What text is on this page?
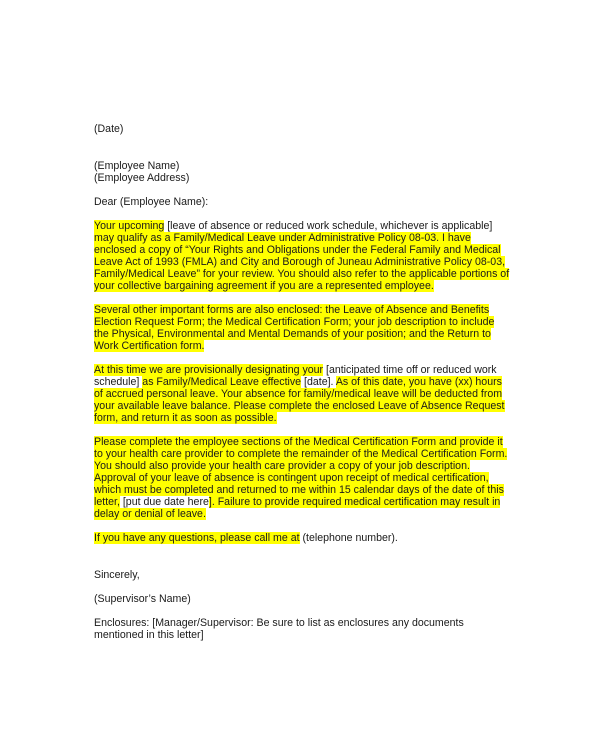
(Date)

(Employee Name)

(Employee Address)

Dear (Employee Name):

Your upcoming [leave of absence or reduced work schedule, whichever is applicable] may qualify as a Family/Medical Leave under Administrative Policy 08-03. I have enclosed a copy of “Your Rights and Obligations under the Federal Family and Medical Leave Act of 1993 (FMLA) and City and Borough of Juneau Administrative Policy 08-03, Family/Medical Leave” for your review. You should also refer to the applicable portions of your collective bargaining agreement if you are a represented employee.

Several other important forms are also enclosed: the Leave of Absence and Benefits Election Request Form; the Medical Certification Form; your job description to include the Physical, Environmental and Mental Demands of your position; and the Return to Work Certification form.

At this time we are provisionally designating your [anticipated time off or reduced work schedule] as Family/Medical Leave effective [date]. As of this date, you have (xx) hours of accrued personal leave. Your absence for family/medical leave will be deducted from your available leave balance. Please complete the enclosed Leave of Absence Request form, and return it as soon as possible.

Please complete the employee sections of the Medical Certification Form and provide it to your health care provider to complete the remainder of the Medical Certification Form. You should also provide your health care provider a copy of your job description. Approval of your leave of absence is contingent upon receipt of medical certification, which must be completed and returned to me within 15 calendar days of the date of this letter, [put due date here]. Failure to provide required medical certification may result in delay or denial of leave.

If you have any questions, please call me at (telephone number).

Sincerely,

(Supervisor’s Name)

Enclosures: [Manager/Supervisor: Be sure to list as enclosures any documents mentioned in this letter]
